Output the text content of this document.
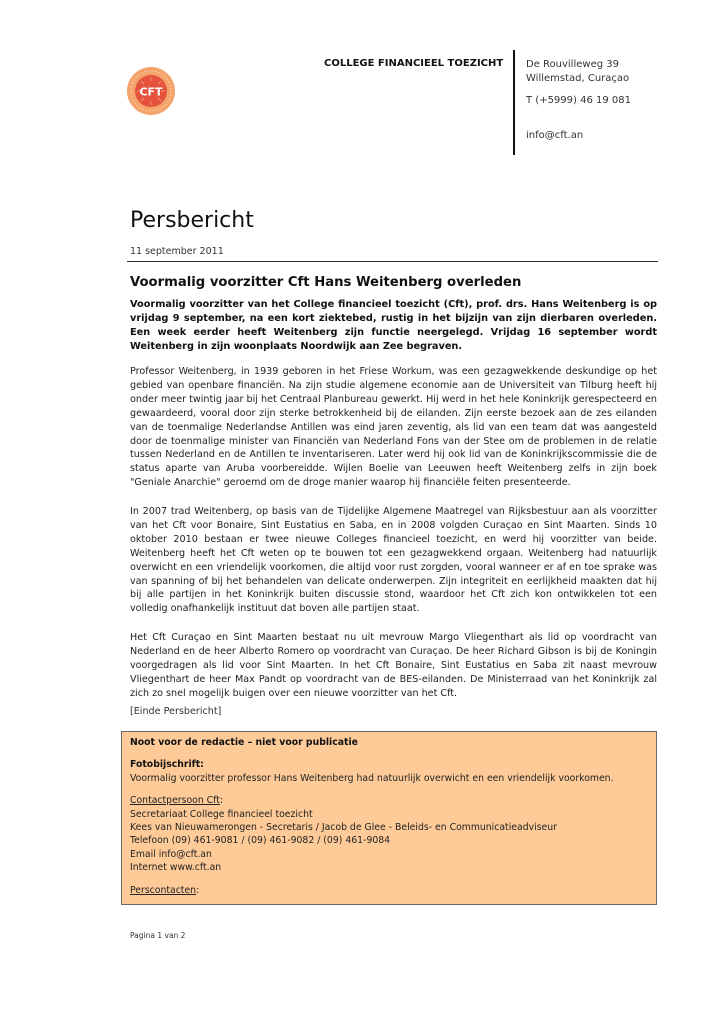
CFT
COLLEGE FINANCIEEL TOEZICHT De Rouvilleweg 39
Willemstad, Curaçao
T (+5999) 46 19 081
info@cft.an
Persbericht
11 september 2011
Voormalig voorzitter Cft Hans Weitenberg overleden
Voormalig voorzitter van het College financieel toezicht (Cft), prof. drs. Hans Weitenberg is op vrijdag 9 september, na een kort ziektebed, rustig in het bijzijn van zijn dierbaren overleden. Een week eerder heeft Weitenberg zijn functie neergelegd. Vrijdag 16 september wordt Weitenberg in zijn woonplaats Noordwijk aan Zee begraven.
Professor Weitenberg, in 1939 geboren in het Friese Workum, was een gezagwekkende deskundige op het gebied van openbare financiën. Na zijn studie algemene economie aan de Universiteit van Tilburg heeft hij onder meer twintig jaar bij het Centraal Planbureau gewerkt. Hij werd in het hele Koninkrijk gerespecteerd en gewaardeerd, vooral door zijn sterke betrokkenheid bij de eilanden. Zijn eerste bezoek aan de zes eilanden van de toenmalige Nederlandse Antillen was eind jaren zeventig, als lid van een team dat was aangesteld door de toenmalige minister van Financiën van Nederland Fons van der Stee om de problemen in de relatie tussen Nederland en de Antillen te inventariseren. Later werd hij ook lid van de Koninkrijkscommissie die de status aparte van Aruba voorbereidde. Wijlen Boelie van Leeuwen heeft Weitenberg zelfs in zijn boek "Geniale Anarchie" geroemd om de droge manier waarop hij financiële feiten presenteerde.
In 2007 trad Weitenberg, op basis van de Tijdelijke Algemene Maatregel van Rijksbestuur aan als voorzitter van het Cft voor Bonaire, Sint Eustatius en Saba, en in 2008 volgden Curaçao en Sint Maarten. Sinds 10 oktober 2010 bestaan er twee nieuwe Colleges financieel toezicht, en werd hij voorzitter van beide. Weitenberg heeft het Cft weten op te bouwen tot een gezagwekkend orgaan. Weitenberg had natuurlijk overwicht en een vriendelijk voorkomen, die altijd voor rust zorgden, vooral wanneer er af en toe sprake was van spanning of bij het behandelen van delicate onderwerpen. Zijn integriteit en eerlijkheid maakten dat hij bij alle partijen in het Koninkrijk buiten discussie stond, waardoor het Cft zich kon ontwikkelen tot een volledig onafhankelijk instituut dat boven alle partijen staat.
Het Cft Curaçao en Sint Maarten bestaat nu uit mevrouw Margo Vliegenthart als lid op voordracht van Nederland en de heer Alberto Romero op voordracht van Curaçao. De heer Richard Gibson is bij de Koningin voorgedragen als lid voor Sint Maarten. In het Cft Bonaire, Sint Eustatius en Saba zit naast mevrouw Vliegenthart de heer Max Pandt op voordracht van de BES-eilanden. De Ministerraad van het Koninkrijk zal zich zo snel mogelijk buigen over een nieuwe voorzitter van het Cft.
[Einde Persbericht]
Noot voor de redactie – niet voor publicatie
Fotobijschrift:
Voormalig voorzitter professor Hans Weitenberg had natuurlijk overwicht en een vriendelijk voorkomen.
Contactpersoon Cft:
Secretariaat College financieel toezicht
Kees van Nieuwamerongen - Secretaris / Jacob de Glee - Beleids- en Communicatieadviseur
Telefoon (09) 461-9081 / (09) 461-9082 / (09) 461-9084
Email info@cft.an
Internet www.cft.an
Perscontacten:
Pagina 1 van 2
